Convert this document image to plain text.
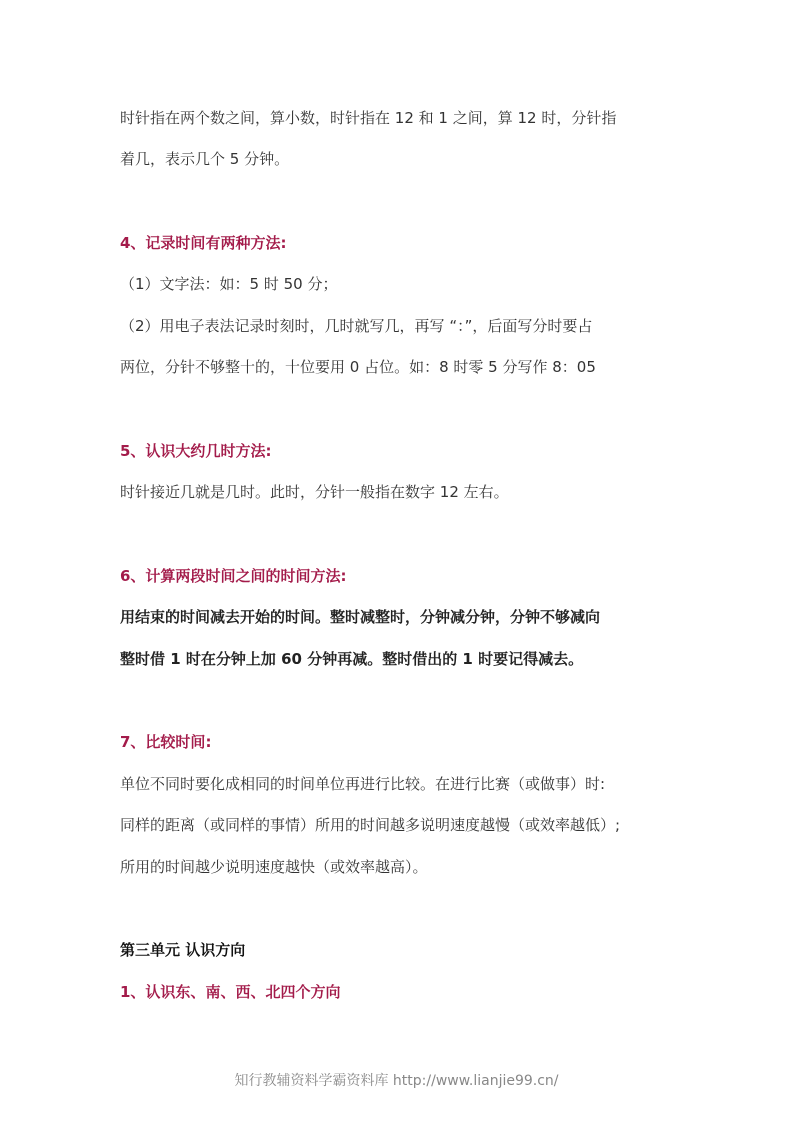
时针指在两个数之间，算小数，时针指在 12 和 1 之间，算 12 时，分针指
着几，表示几个 5 分钟。
4、记录时间有两种方法:
（1）文字法：如：5 时 50 分；
（2）用电子表法记录时刻时，几时就写几，再写 “：”，后面写分时要占
两位，分针不够整十的，十位要用 0 占位。如：8 时零 5 分写作 8：05
5、认识大约几时方法:
时针接近几就是几时。此时，分针一般指在数字 12 左右。
6、计算两段时间之间的时间方法:
用结束的时间减去开始的时间。整时减整时，分钟减分钟，分钟不够减向
整时借 1 时在分钟上加 60 分钟再减。整时借出的 1 时要记得减去。
7、比较时间:
单位不同时要化成相同的时间单位再进行比较。在进行比赛（或做事）时:
同样的距离（或同样的事情）所用的时间越多说明速度越慢（或效率越低）;
所用的时间越少说明速度越快（或效率越高）。
第三单元 认识方向
1、认识东、南、西、北四个方向
知行教辅资料学霸资料库 http://www.lianjie99.cn/
